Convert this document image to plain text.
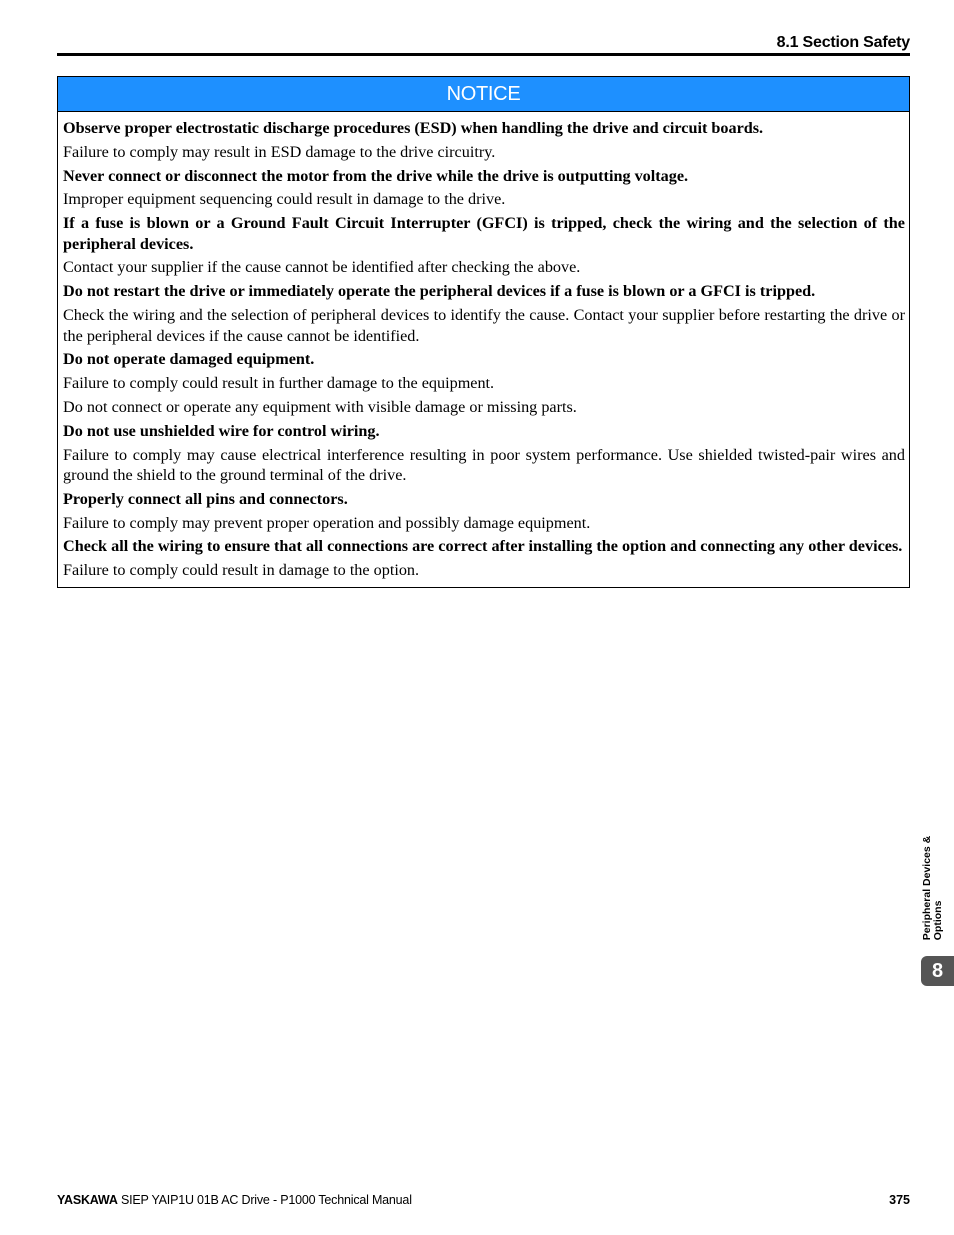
8.1 Section Safety
NOTICE

Observe proper electrostatic discharge procedures (ESD) when handling the drive and circuit boards.

Failure to comply may result in ESD damage to the drive circuitry.

Never connect or disconnect the motor from the drive while the drive is outputting voltage.

Improper equipment sequencing could result in damage to the drive.

If a fuse is blown or a Ground Fault Circuit Interrupter (GFCI) is tripped, check the wiring and the selection of the peripheral devices.

Contact your supplier if the cause cannot be identified after checking the above.

Do not restart the drive or immediately operate the peripheral devices if a fuse is blown or a GFCI is tripped.

Check the wiring and the selection of peripheral devices to identify the cause. Contact your supplier before restarting the drive or the peripheral devices if the cause cannot be identified.

Do not operate damaged equipment.

Failure to comply could result in further damage to the equipment.

Do not connect or operate any equipment with visible damage or missing parts.

Do not use unshielded wire for control wiring.

Failure to comply may cause electrical interference resulting in poor system performance. Use shielded twisted-pair wires and ground the shield to the ground terminal of the drive.

Properly connect all pins and connectors.

Failure to comply may prevent proper operation and possibly damage equipment.

Check all the wiring to ensure that all connections are correct after installing the option and connecting any other devices.

Failure to comply could result in damage to the option.

Peripheral Devices & Options
8
YASKAWA SIEP YAIP1U 01B AC Drive - P1000 Technical Manual	375
